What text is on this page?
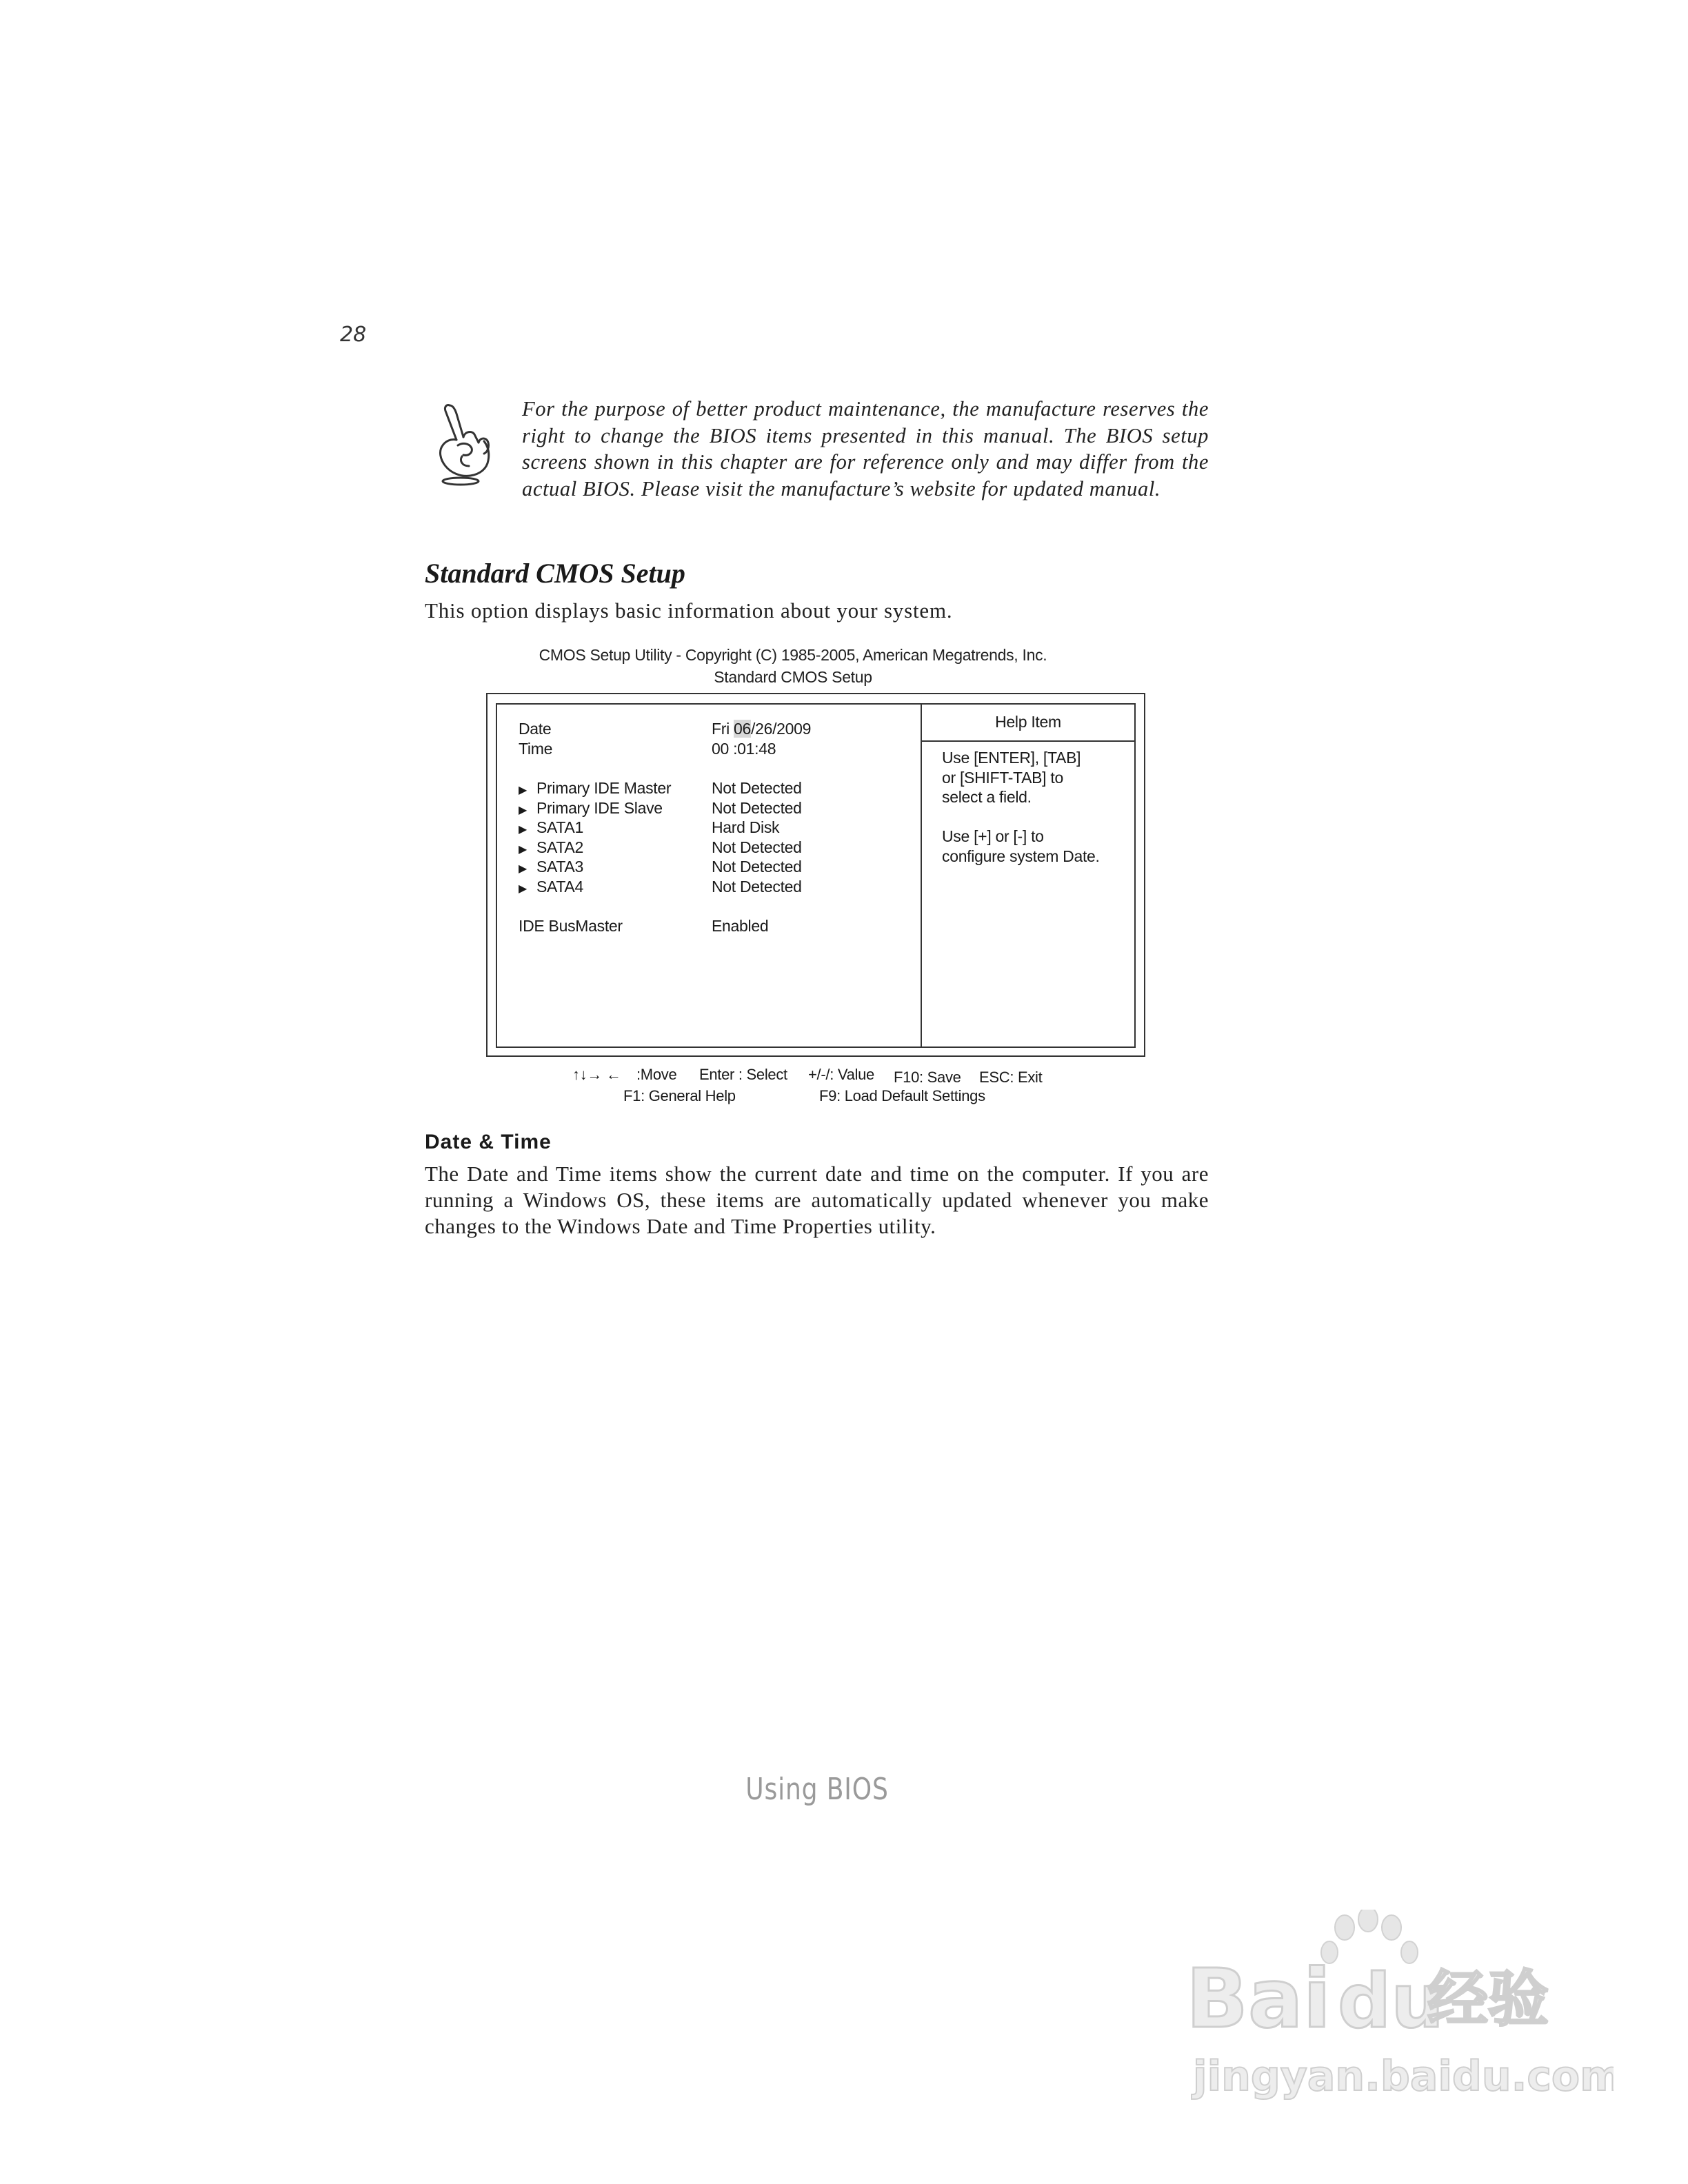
28
For the purpose of better product maintenance, the manufacture reserves the right to change the BIOS items presented in this manual. The BIOS setup screens shown in this chapter are for reference only and may differ from the actual BIOS. Please visit the manufacture’s website for updated manual.
Standard CMOS Setup
This option displays basic information about your system.
CMOS Setup Utility - Copyright (C) 1985-2005, American Megatrends, Inc.
Standard CMOS Setup
Date	Fri 06/26/2009
Time	00 :01:48
▶ Primary IDE Master	Not Detected
▶ Primary IDE Slave	Not Detected
▶ SATA1	Hard Disk
▶ SATA2	Not Detected
▶ SATA3	Not Detected
▶ SATA4	Not Detected
IDE BusMaster	Enabled
Help Item
Use [ENTER], [TAB]
or [SHIFT-TAB] to
select a field.
Use [+] or [-] to
configure system Date.
↑↓→ ← :Move Enter : Select +/-/: Value F10: Save ESC: Exit
F1: General Help	F9: Load Default Settings
Date & Time
The Date and Time items show the current date and time on the computer. If you are running a Windows OS, these items are automatically updated whenever you make changes to the Windows Date and Time Properties utility.
Using BIOS
Bai du
经验
jingyan.baidu.com
